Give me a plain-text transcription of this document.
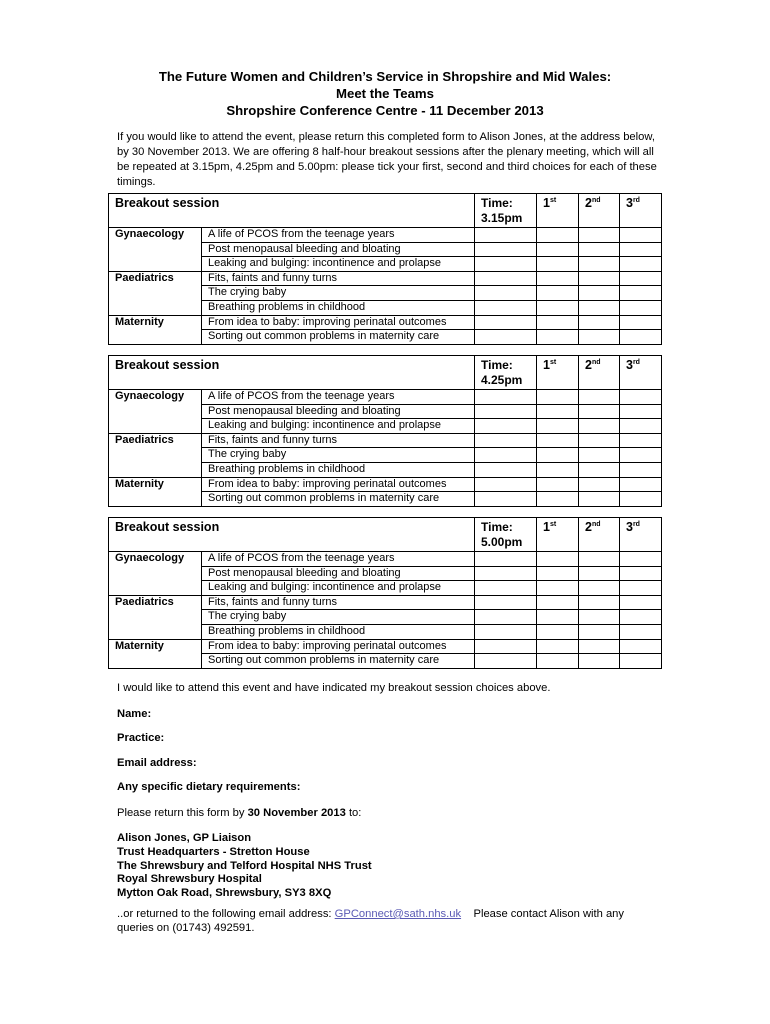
The Future Women and Children’s Service in Shropshire and Mid Wales:
Meet the Teams
Shropshire Conference Centre - 11 December 2013
If you would like to attend the event, please return this completed form to Alison Jones, at the address below, by 30 November 2013. We are offering 8 half-hour breakout sessions after the plenary meeting, which will all be repeated at 3.15pm, 4.25pm and 5.00pm: please tick your first, second and third choices for each of these timings.
Breakout session		Time:
3.15pm	1st	2nd	3rd
Gynaecology	A life of PCOS from the teenage years				
	Post menopausal bleeding and bloating				
	Leaking and bulging: incontinence and prolapse				
Paediatrics	Fits, faints and funny turns				
	The crying baby				
	Breathing problems in childhood				
Maternity	From idea to baby: improving perinatal outcomes				
	Sorting out common problems in maternity care				
Breakout session		Time:
4.25pm	1st	2nd	3rd
Gynaecology	A life of PCOS from the teenage years				
	Post menopausal bleeding and bloating				
	Leaking and bulging: incontinence and prolapse				
Paediatrics	Fits, faints and funny turns				
	The crying baby				
	Breathing problems in childhood				
Maternity	From idea to baby: improving perinatal outcomes				
	Sorting out common problems in maternity care				
Breakout session		Time:
5.00pm	1st	2nd	3rd
Gynaecology	A life of PCOS from the teenage years				
	Post menopausal bleeding and bloating				
	Leaking and bulging: incontinence and prolapse				
Paediatrics	Fits, faints and funny turns				
	The crying baby				
	Breathing problems in childhood				
Maternity	From idea to baby: improving perinatal outcomes				
	Sorting out common problems in maternity care				
I would like to attend this event and have indicated my breakout session choices above.
Name:
Practice:
Email address:
Any specific dietary requirements:
Please return this form by 30 November 2013 to:
Alison Jones, GP Liaison
Trust Headquarters - Stretton House
The Shrewsbury and Telford Hospital NHS Trust
Royal Shrewsbury Hospital
Mytton Oak Road, Shrewsbury, SY3 8XQ
..or returned to the following email address: GPConnect@sath.nhs.uk    Please contact Alison with any queries on (01743) 492591.
